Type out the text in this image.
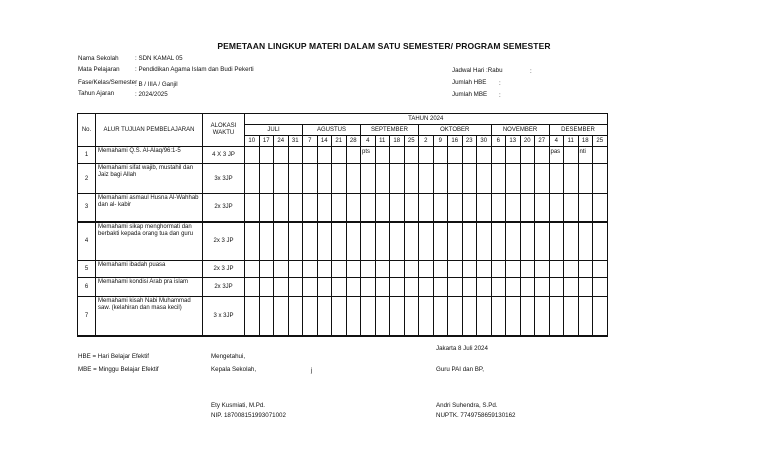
PEMETAAN LINGKUP MATERI DALAM SATU SEMESTER/ PROGRAM SEMESTER
Nama Sekolah	: SDN KAMAL 05
Mata Pelajaran : Pendidikan Agama Islam dan Budi Pekerti
Fase/Kelas/Semester
: B / IIIA / Ganjil
Tahun Ajaran	: 2024/2025
Jadwal Hari :Rabu	:
Jumlah HBE :
Jumlah MBE :
No.	ALUR TUJUAN PEMBELAJARAN	ALOKASI WAKTU	TAHUN 2024																								
			JULI				AGUSTUS				SEPTEMBER				OKTOBER					NOVEMBER				DESEMBER			
			10	17	24	31	7	14	21	28	4	11	18	25	2	9	16	23	30	6	13	20	27	4	11	18	25
1	Memahami Q.S. Al-Alaq/96:1-5	4 X 3 JP									pts													pas		nti	
2	Memahami sifat wajib, mustahil dan Jaiz bagi Allah	3x 3JP																									
3	Memahami asmaul Husna Al-Wahhab dan al- kabir	2x 3JP																									
4	Memahami sikap menghormati dan berbakti kepada orang tua dan guru	2x 3 JP																									
5	Memahami ibadah puasa	2x 3 JP																									
6	Memahami kondisi Arab pra islam	2x 3JP																									
7	Memahami kisah Nabi Muhammad saw. (kelahiran dan masa kecil)	3 x 3JP																									
HBE = Hari Belajar Efektif
MBE = Minggu Belajar Efektif
Mengetahui,
Kepala Sekolah,	j
Jakarta 8 Juli 2024
Guru PAI dan BP,
Ety Kusmiati, M.Pd.
NIP. 187008151993071002
Andri Suhendra, S.Pd.
NUPTK. 7749758659130162
